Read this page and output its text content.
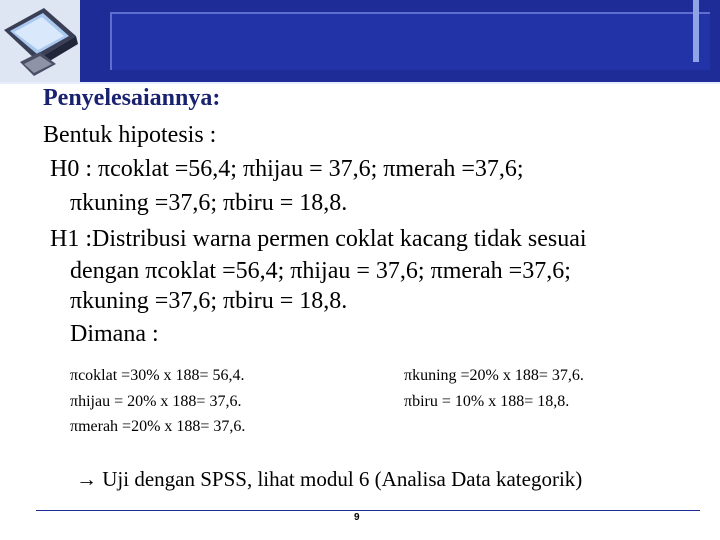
Penyelesaiannya:
Bentuk hipotesis :
H0 : πcoklat =56,4; πhijau = 37,6; πmerah =37,6;
πkuning =37,6; πbiru = 18,8.
H1 :Distribusi warna permen coklat kacang tidak sesuai
dengan πcoklat =56,4; πhijau = 37,6; πmerah =37,6;
πkuning =37,6; πbiru = 18,8.
Dimana :
πcoklat =30% x 188= 56,4.
πhijau = 20% x 188= 37,6.
πmerah =20% x 188= 37,6.
πkuning =20% x 188= 37,6.
πbiru = 10% x 188= 18,8.
→ Uji dengan SPSS, lihat modul 6 (Analisa Data kategorik)
9
